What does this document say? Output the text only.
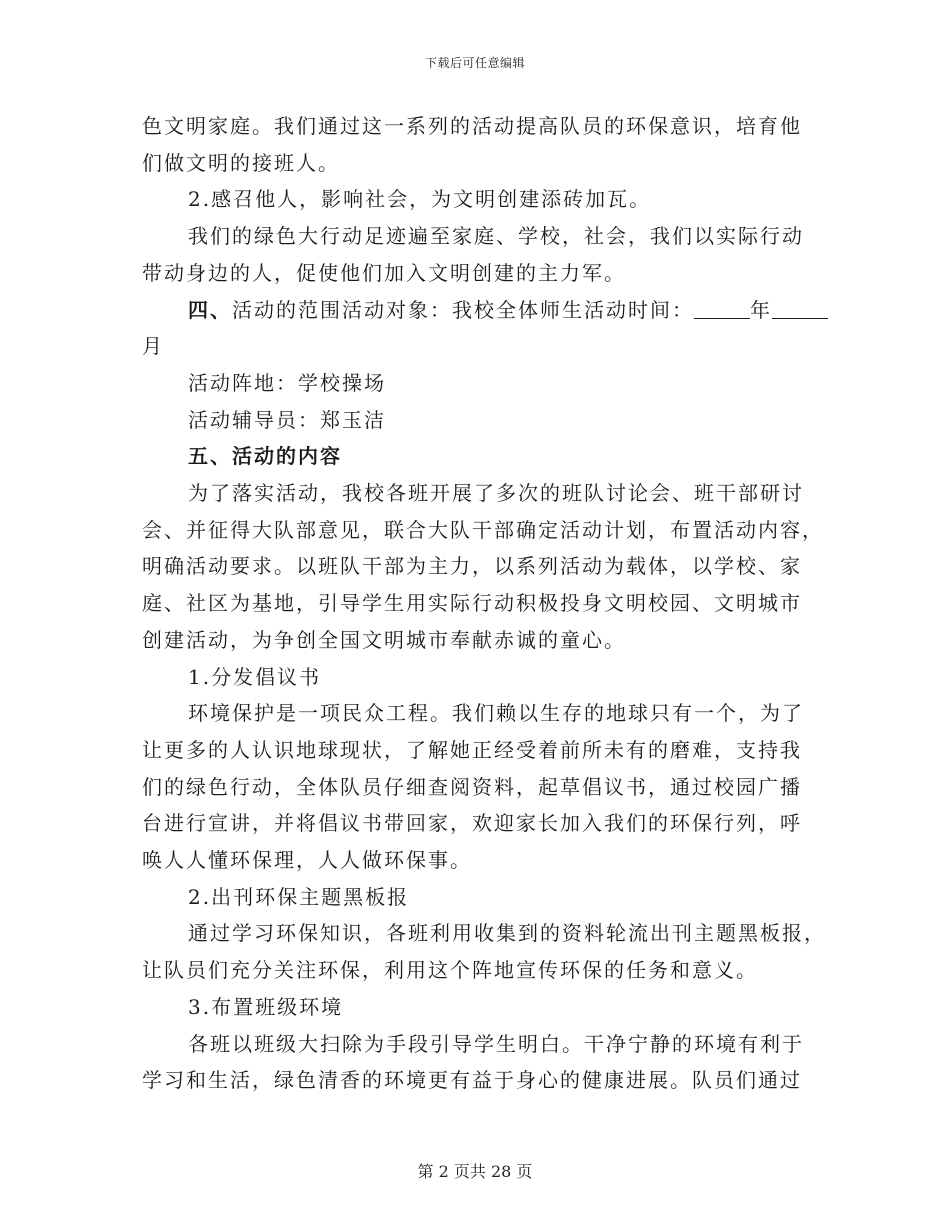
下载后可任意编辑

色文明家庭。我们通过这一系列的活动提高队员的环保意识，培育他

们做文明的接班人。

2.感召他人，影响社会，为文明创建添砖加瓦。

我们的绿色大行动足迹遍至家庭、学校，社会，我们以实际行动

带动身边的人，促使他们加入文明创建的主力军。

四、活动的范围活动对象：我校全体师生活动时间：	年

月

活动阵地：学校操场

活动辅导员：郑玉洁

五、活动的内容

为了落实活动，我校各班开展了多次的班队讨论会、班干部研讨

会、并征得大队部意见，联合大队干部确定活动计划，布置活动内容，

明确活动要求。以班队干部为主力，以系列活动为载体，以学校、家

庭、社区为基地，引导学生用实际行动积极投身文明校园、文明城市

创建活动，为争创全国文明城市奉献赤诚的童心。

1.分发倡议书

环境保护是一项民众工程。我们赖以生存的地球只有一个，为了

让更多的人认识地球现状，了解她正经受着前所未有的磨难，支持我

们的绿色行动，全体队员仔细查阅资料，起草倡议书，通过校园广播

台进行宣讲，并将倡议书带回家，欢迎家长加入我们的环保行列，呼

唤人人懂环保理，人人做环保事。

2.出刊环保主题黑板报

通过学习环保知识，各班利用收集到的资料轮流出刊主题黑板报，

让队员们充分关注环保，利用这个阵地宣传环保的任务和意义。

3.布置班级环境

各班以班级大扫除为手段引导学生明白。干净宁静的环境有利于

学习和生活，绿色清香的环境更有益于身心的健康进展。队员们通过

第 2 页共 28 页
